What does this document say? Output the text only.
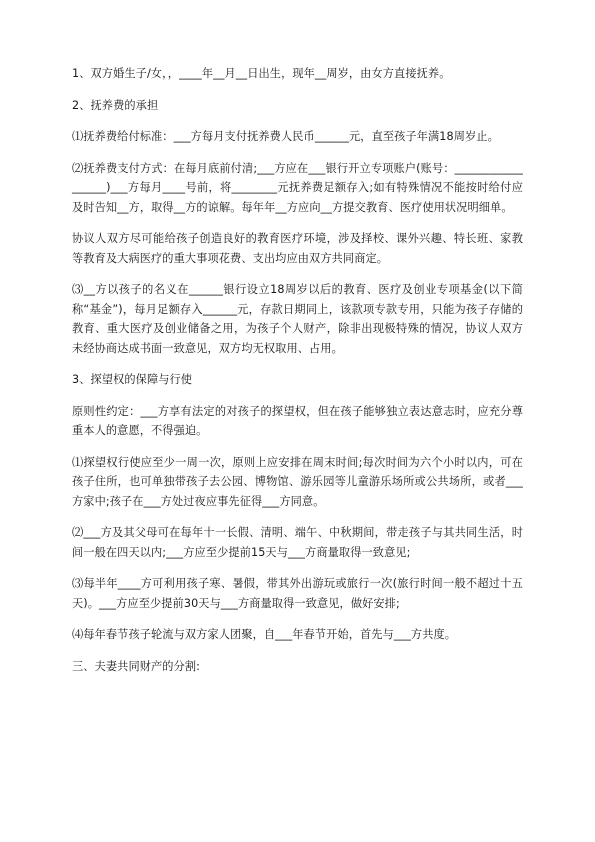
1、双方婚生子/女，，____年__月__日出生，现年__周岁，由女方直接抚养。

2、抚养费的承担

⑴抚养费给付标准：___方每月支付抚养费人民币______元，直至孩子年满18周岁止。

⑵抚养费支付方式：在每月底前付清;___方应在___银行开立专项账户(账号：__________________)___方每月____号前，将________元抚养费足额存入;如有特殊情况不能按时给付应及时告知__方，取得__方的谅解。每年年__方应向__方提交教育、医疗使用状况明细单。

协议人双方尽可能给孩子创造良好的教育医疗环境，涉及择校、课外兴趣、特长班、家教等教育及大病医疗的重大事项花费、支出均应由双方共同商定。

⑶__方以孩子的名义在______银行设立18周岁以后的教育、医疗及创业专项基金(以下简称“基金”)，每月足额存入______元，存款日期同上，该款项专款专用，只能为孩子存储的教育、重大医疗及创业储备之用，为孩子个人财产，除非出现极特殊的情况，协议人双方未经协商达成书面一致意见，双方均无权取用、占用。

3、探望权的保障与行使

原则性约定：___方享有法定的对孩子的探望权，但在孩子能够独立表达意志时，应充分尊重本人的意愿，不得强迫。

⑴探望权行使应至少一周一次，原则上应安排在周末时间;每次时间为六个小时以内，可在孩子住所，也可单独带孩子去公园、博物馆、游乐园等儿童游乐场所或公共场所，或者___方家中;孩子在___方处过夜应事先征得___方同意。

⑵___方及其父母可在每年十一长假、清明、端午、中秋期间，带走孩子与其共同生活，时间一般在四天以内;___方应至少提前15天与___方商量取得一致意见;

⑶每半年____方可利用孩子寒、暑假，带其外出游玩或旅行一次(旅行时间一般不超过十五天)。___方应至少提前30天与___方商量取得一致意见，做好安排;

⑷每年春节孩子轮流与双方家人团聚，自___年春节开始，首先与___方共度。

三、夫妻共同财产的分割:
